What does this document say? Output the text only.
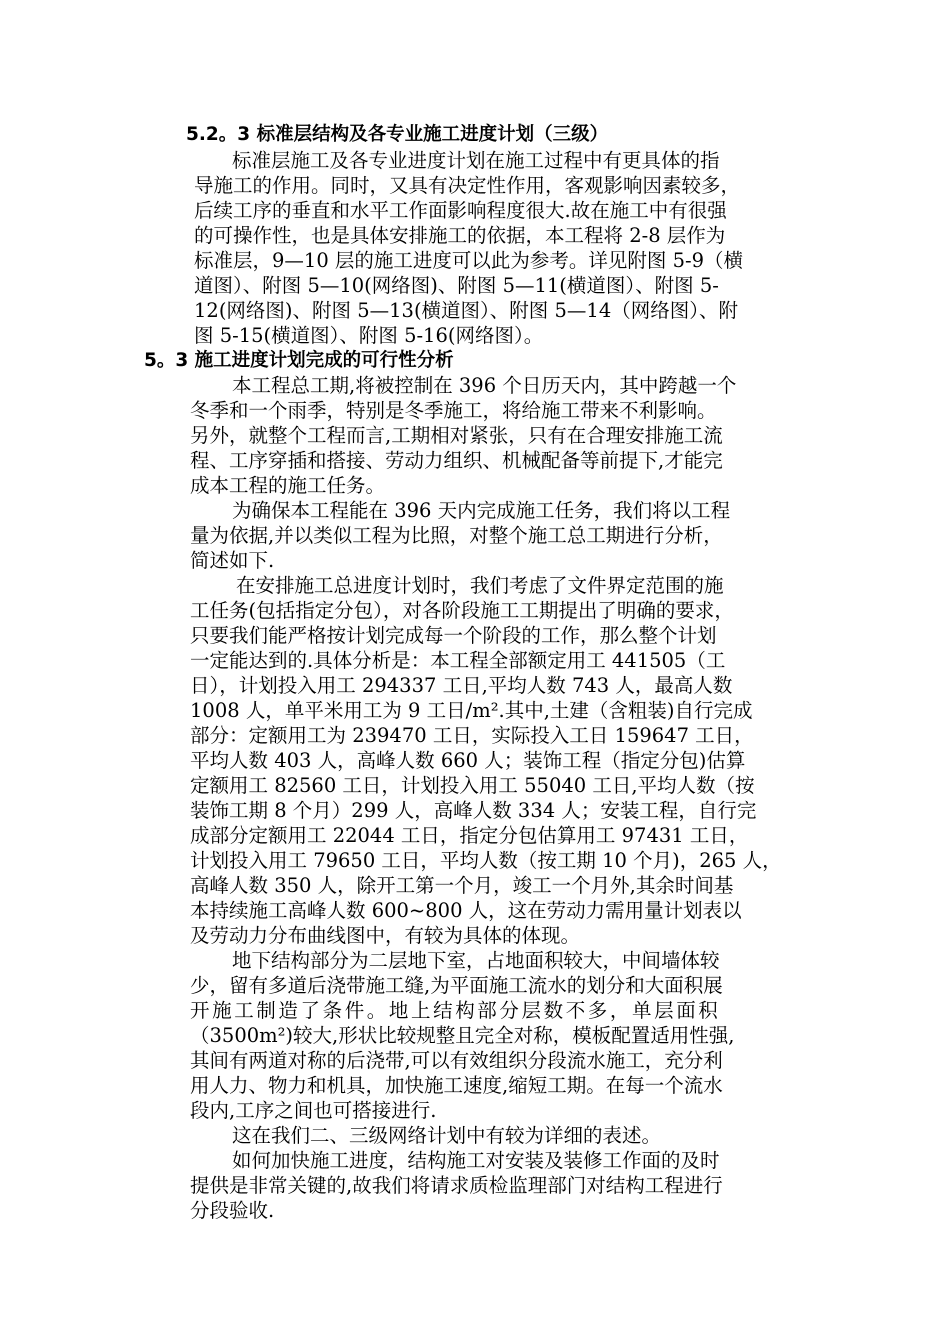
5.2。3 标准层结构及各专业施工进度计划（三级）

标准层施工及各专业进度计划在施工过程中有更具体的指

导施工的作用。同时，又具有决定性作用，客观影响因素较多，

后续工序的垂直和水平工作面影响程度很大.故在施工中有很强

的可操作性，也是具体安排施工的依据，本工程将 2-8 层作为

标准层，9—10 层的施工进度可以此为参考。详见附图 5-9（横

道图）、附图 5—10(网络图)、附图 5—11(横道图）、附图 5-

12(网络图)、附图 5—13(横道图）、附图 5—14（网络图）、附

图 5-15(横道图）、附图 5-16(网络图）。

5。3 施工进度计划完成的可行性分析

本工程总工期,将被控制在 396 个日历天内，其中跨越一个

冬季和一个雨季，特别是冬季施工，将给施工带来不利影响。

另外，就整个工程而言,工期相对紧张，只有在合理安排施工流

程、工序穿插和搭接、劳动力组织、机械配备等前提下,才能完

成本工程的施工任务。

为确保本工程能在 396 天内完成施工任务，我们将以工程

量为依据,并以类似工程为比照，对整个施工总工期进行分析，

简述如下.

在安排施工总进度计划时，我们考虑了文件界定范围的施

工任务(包括指定分包），对各阶段施工工期提出了明确的要求，

只要我们能严格按计划完成每一个阶段的工作，那么整个计划

一定能达到的.具体分析是：本工程全部额定用工 441505（工

日），计划投入用工 294337 工日,平均人数 743 人，最高人数

1008 人，单平米用工为 9 工日/m².其中,土建（含粗装)自行完成

部分：定额用工为 239470 工日，实际投入工日 159647 工日，

平均人数 403 人，高峰人数 660 人；装饰工程（指定分包)估算

定额用工 82560 工日，计划投入用工 55040 工日,平均人数（按

装饰工期 8 个月）299 人，高峰人数 334 人；安装工程，自行完

成部分定额用工 22044 工日，指定分包估算用工 97431 工日，

计划投入用工 79650 工日，平均人数（按工期 10 个月)，265 人，

高峰人数 350 人，除开工第一个月，竣工一个月外,其余时间基

本持续施工高峰人数 600~800 人，这在劳动力需用量计划表以

及劳动力分布曲线图中，有较为具体的体现。

地下结构部分为二层地下室，占地面积较大，中间墙体较

少，留有多道后浇带施工缝,为平面施工流水的划分和大面积展

开施工制造了条件。地上结构部分层数不多，单层面积

（3500m²)较大,形状比较规整且完全对称，模板配置适用性强,

其间有两道对称的后浇带,可以有效组织分段流水施工，充分利

用人力、物力和机具，加快施工速度,缩短工期。在每一个流水

段内,工序之间也可搭接进行.

这在我们二、三级网络计划中有较为详细的表述。

如何加快施工进度，结构施工对安装及装修工作面的及时

提供是非常关键的,故我们将请求质检监理部门对结构工程进行

分段验收.
